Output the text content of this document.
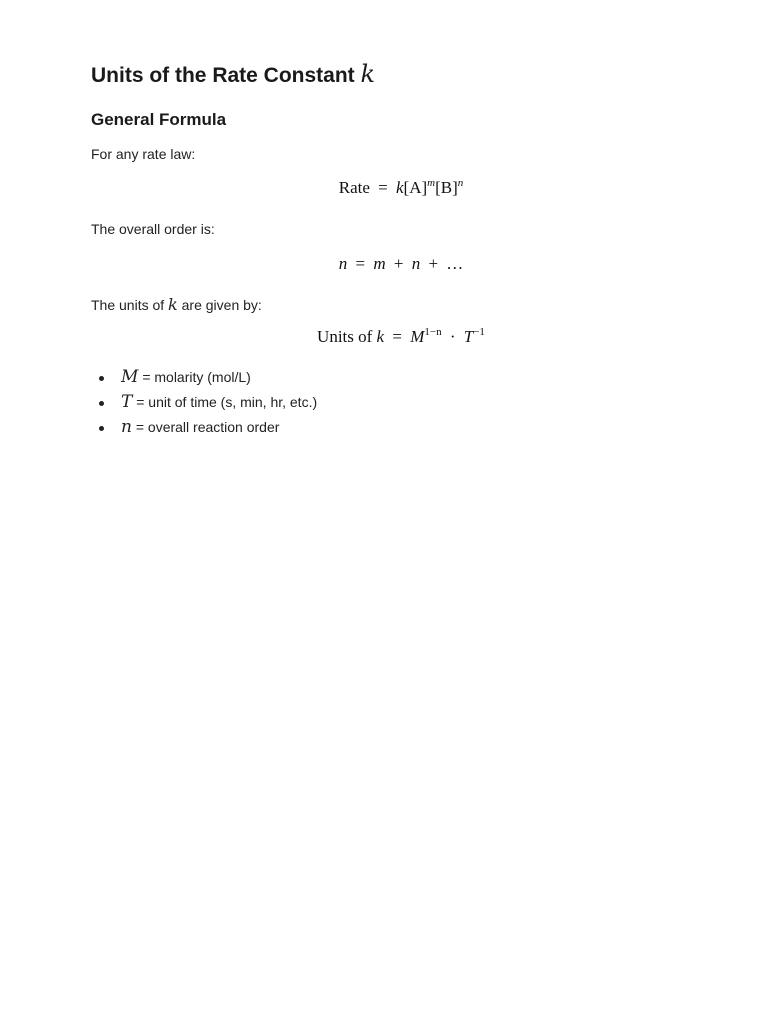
Units of the Rate Constant k
General Formula

For any rate law:

Rate = $k[A]^m[B]^n$

The overall order is:

n = m + n + …

The units of k are given by:

Units of $k = M^{1-n} \cdot T^{-1}$
M = molarity (mol/L)
T = unit of time (s, min, hr, etc.)
n = overall reaction order
